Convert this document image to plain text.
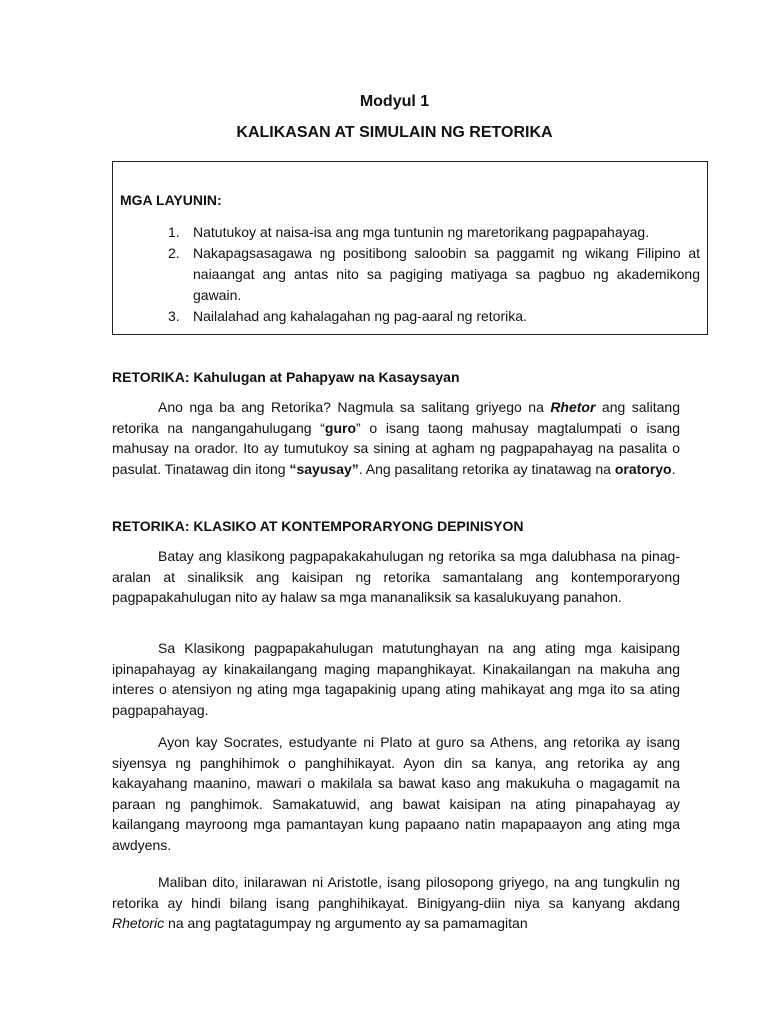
Modyul 1
KALIKASAN AT SIMULAIN NG RETORIKA
MGA LAYUNIN:
1. Natutukoy at naisa-isa ang mga tuntunin ng maretorikang pagpapahayag.
2. Nakapagsasagawa ng positibong saloobin sa paggamit ng wikang Filipino at naiaangat ang antas nito sa pagiging matiyaga sa pagbuo ng akademikong gawain.
3. Nailalahad ang kahalagahan ng pag-aaral ng retorika.
RETORIKA: Kahulugan at Pahapyaw na Kasaysayan

Ano nga ba ang Retorika? Nagmula sa salitang griyego na Rhetor ang salitang retorika na nangangahulugang “guro” o isang taong mahusay magtalumpati o isang mahusay na orador. Ito ay tumutukoy sa sining at agham ng pagpapahayag na pasalita o pasulat. Tinatawag din itong “sayusay”. Ang pasalitang retorika ay tinatawag na oratoryo.

RETORIKA: KLASIKO AT KONTEMPORARYONG DEPINISYON

Batay ang klasikong pagpapakakahulugan ng retorika sa mga dalubhasa na pinag-aralan at sinaliksik ang kaisipan ng retorika samantalang ang kontemporaryong pagpapakahulugan nito ay halaw sa mga mananaliksik sa kasalukuyang panahon.

Sa Klasikong pagpapakahulugan matutunghayan na ang ating mga kaisipang ipinapahayag ay kinakailangang maging mapanghikayat. Kinakailangan na makuha ang interes o atensiyon ng ating mga tagapakinig upang ating mahikayat ang mga ito sa ating pagpapahayag.

Ayon kay Socrates, estudyante ni Plato at guro sa Athens, ang retorika ay isang siyensya ng panghihimok o panghihikayat. Ayon din sa kanya, ang retorika ay ang kakayahang maanino, mawari o makilala sa bawat kaso ang makukuha o magagamit na paraan ng panghimok. Samakatuwid, ang bawat kaisipan na ating pinapahayag ay kailangang mayroong mga pamantayan kung papaano natin mapapaayon ang ating mga awdyens.

Maliban dito, inilarawan ni Aristotle, isang pilosopong griyego, na ang tungkulin ng retorika ay hindi bilang isang panghihikayat. Binigyang-diin niya sa kanyang akdang Rhetoric na ang pagtatagumpay ng argumento ay sa pamamagitan
